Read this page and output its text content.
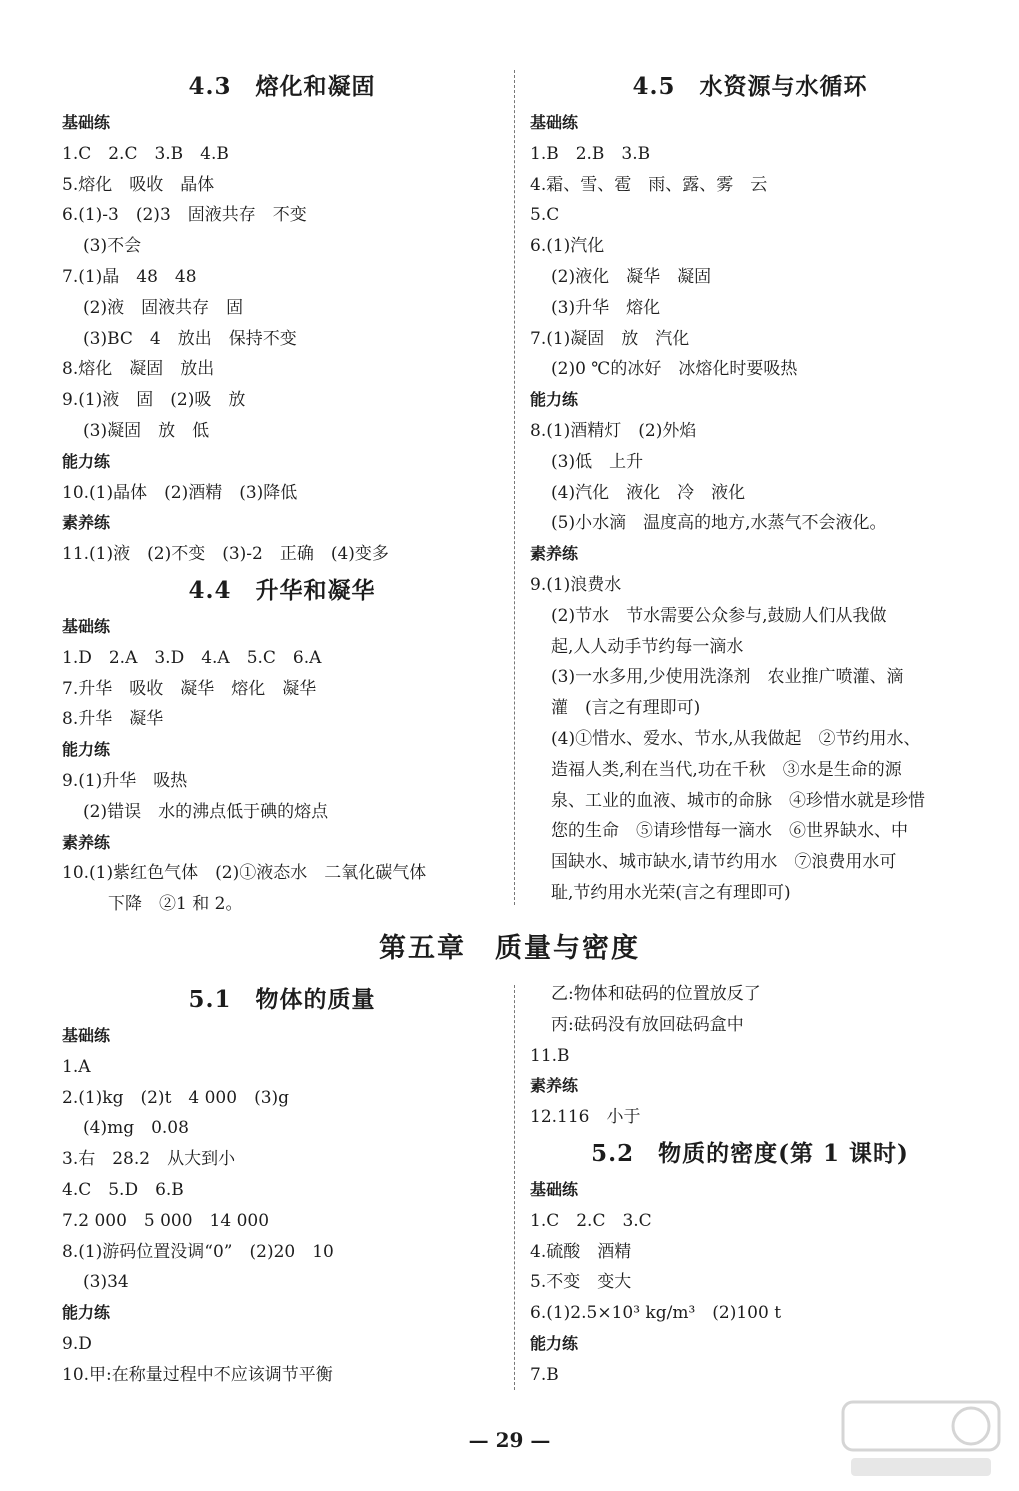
4.3　熔化和凝固
基础练
1.C　2.C　3.B　4.B
5.熔化　吸收　晶体
6.(1)-3　(2)3　固液共存　不变
(3)不会
7.(1)晶　48　48
(2)液　固液共存　固
(3)BC　4　放出　保持不变
8.熔化　凝固　放出
9.(1)液　固　(2)吸　放
(3)凝固　放　低
能力练
10.(1)晶体　(2)酒精　(3)降低
素养练
11.(1)液　(2)不变　(3)-2　正确　(4)变多
4.4　升华和凝华
基础练
1.D　2.A　3.D　4.A　5.C　6.A
7.升华　吸收　凝华　熔化　凝华
8.升华　凝华
能力练
9.(1)升华　吸热
(2)错误　水的沸点低于碘的熔点
素养练
10.(1)紫红色气体　(2)①液态水　二氧化碳气体
下降　②1 和 2。
4.5　水资源与水循环
基础练
1.B　2.B　3.B
4.霜、雪、雹　雨、露、雾　云
5.C
6.(1)汽化
(2)液化　凝华　凝固
(3)升华　熔化
7.(1)凝固　放　汽化
(2)0 ℃的冰好　冰熔化时要吸热
能力练
8.(1)酒精灯　(2)外焰
(3)低　上升
(4)汽化　液化　冷　液化
(5)小水滴　温度高的地方,水蒸气不会液化。
素养练
9.(1)浪费水
(2)节水　节水需要公众参与,鼓励人们从我做
起,人人动手节约每一滴水
(3)一水多用,少使用洗涤剂　农业推广喷灌、滴
灌　(言之有理即可)
(4)①惜水、爱水、节水,从我做起　②节约用水、
造福人类,利在当代,功在千秋　③水是生命的源
泉、工业的血液、城市的命脉　④珍惜水就是珍惜
您的生命　⑤请珍惜每一滴水　⑥世界缺水、中
国缺水、城市缺水,请节约用水　⑦浪费用水可
耻,节约用水光荣(言之有理即可)
第五章　质量与密度
5.1　物体的质量
基础练
1.A
2.(1)kg　(2)t　4 000　(3)g
(4)mg　0.08
3.右　28.2　从大到小
4.C　5.D　6.B
7.2 000　5 000　14 000
8.(1)游码位置没调“0”　(2)20　10
(3)34
能力练
9.D
10.甲:在称量过程中不应该调节平衡
乙:物体和砝码的位置放反了
丙:砝码没有放回砝码盒中
11.B
素养练
12.116　小于
5.2　物质的密度(第 1 课时)
基础练
1.C　2.C　3.C
4.硫酸　酒精
5.不变　变大
6.(1)2.5×10³ kg/m³　(2)100 t
能力练
7.B
— 29 —
